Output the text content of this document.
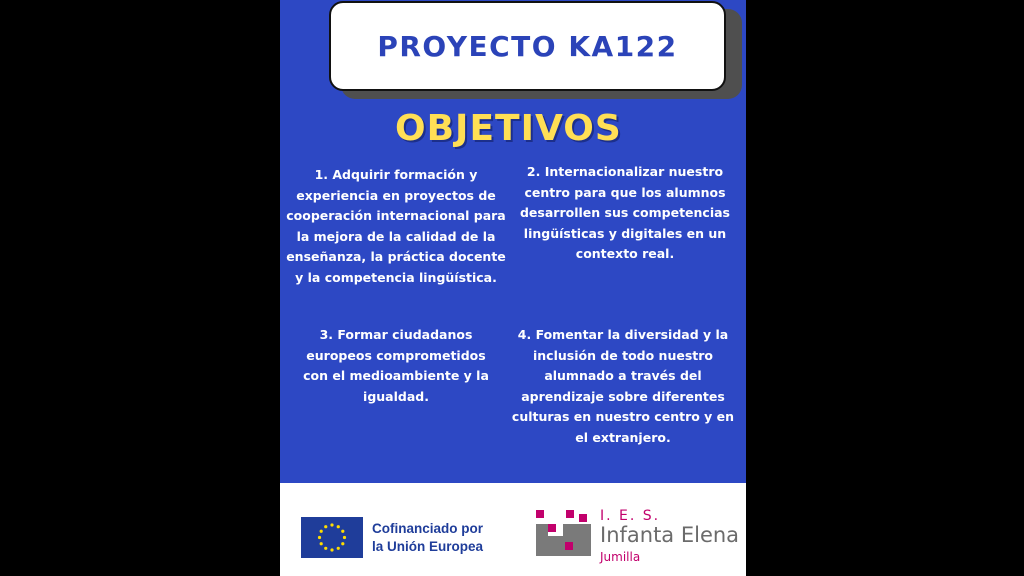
PROYECTO KA122
OBJETIVOS
1. Adquirir formación y experiencia en proyectos de cooperación internacional para la mejora de la calidad de la enseñanza, la práctica docente y la competencia lingüística.
2. Internacionalizar nuestro centro para que los alumnos desarrollen sus competencias lingüísticas y digitales en un contexto real.
3. Formar ciudadanos europeos comprometidos con el medioambiente y la igualdad.
4. Fomentar la diversidad y la inclusión de todo nuestro alumnado a través del aprendizaje sobre diferentes culturas en nuestro centro y en el extranjero.
Cofinanciado por
la Unión Europea
I. E. S.
Infanta Elena
Jumilla
